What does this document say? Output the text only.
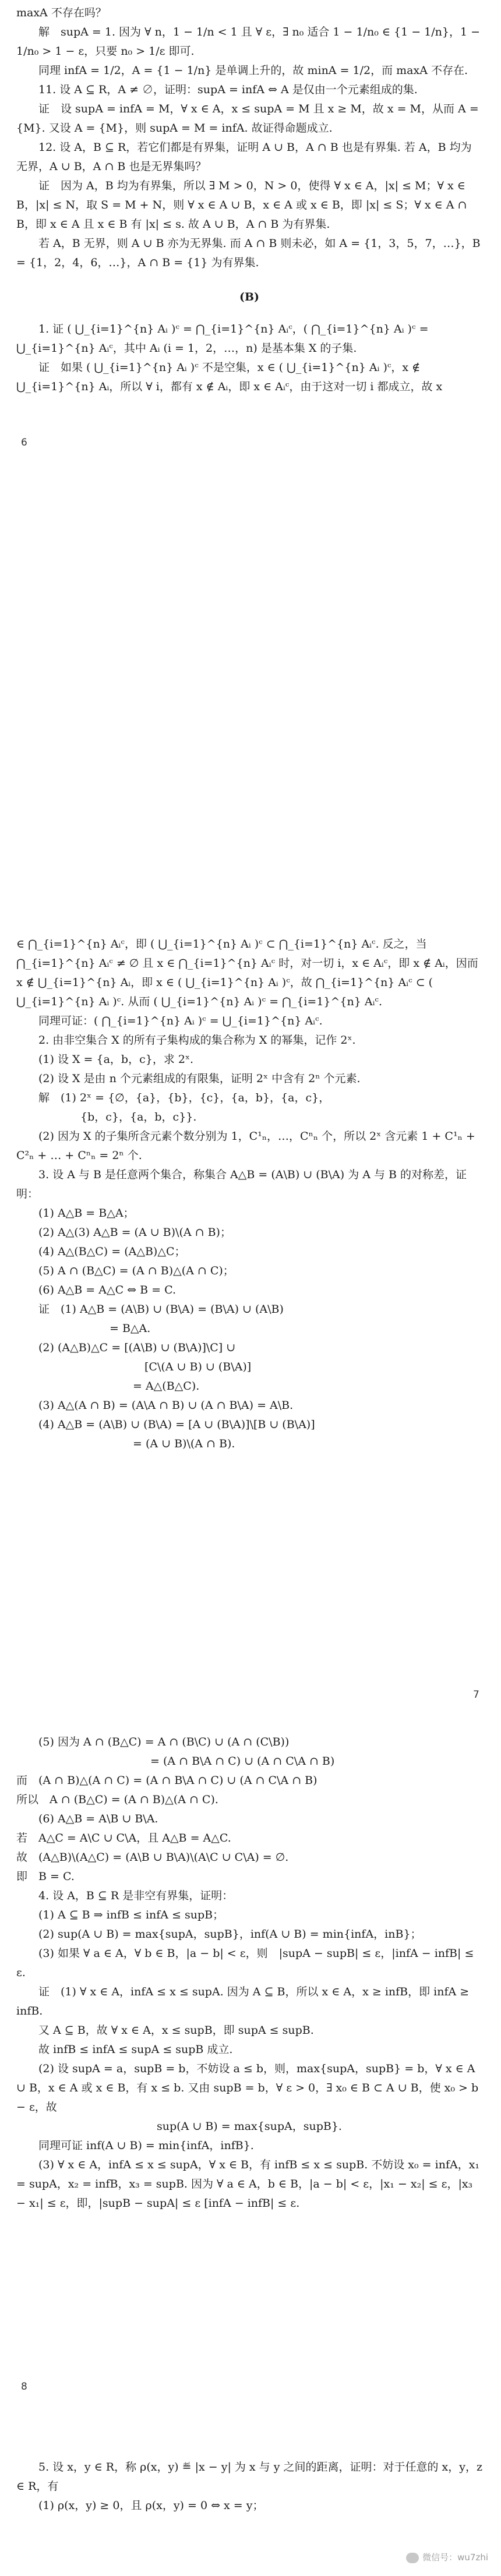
maxA 不存在吗？

解　supA = 1. 因为 ∀ n，1 − 1/n < 1 且 ∀ ε，∃ n₀ 适合 1 − 1/n₀ ∈ {1 − 1/n}，1 − 1/n₀ > 1 − ε，只要 n₀ > 1/ε 即可.

同理 infA = 1/2，A = {1 − 1/n} 是单调上升的，故 minA = 1/2，而 maxA 不存在.

11. 设 A ⊆ R，A ≠ ∅，证明：supA = infA ⇔ A 是仅由一个元素组成的集.

证　设 supA = infA = M，∀ x ∈ A，x ≤ supA = M 且 x ≥ M，故 x = M，从而 A = {M}. 又设 A = {M}，则 supA = M = infA. 故证得命题成立.

12. 设 A，B ⊆ R，若它们都是有界集，证明 A ∪ B，A ∩ B 也是有界集. 若 A，B 均为无界，A ∪ B，A ∩ B 也是无界集吗？

证　因为 A，B 均为有界集，所以 ∃ M > 0，N > 0，使得 ∀ x ∈ A，|x| ≤ M；∀ x ∈ B，|x| ≤ N，取 S = M + N，则 ∀ x ∈ A ∪ B，x ∈ A 或 x ∈ B，即 |x| ≤ S；∀ x ∈ A ∩ B，即 x ∈ A 且 x ∈ B 有 |x| ≤ s. 故 A ∪ B，A ∩ B 为有界集.

若 A，B 无界，则 A ∪ B 亦为无界集. 而 A ∩ B 则未必，如 A = {1，3，5，7，…}，B = {1，2，4，6，…}，A ∩ B = {1} 为有界集.

(B)

1. 证 ( ⋃_{i=1}^{n} Aᵢ )ᶜ = ⋂_{i=1}^{n} Aᵢᶜ，( ⋂_{i=1}^{n} Aᵢ )ᶜ = ⋃_{i=1}^{n} Aᵢᶜ，其中 Aᵢ (i = 1，2，…，n) 是基本集 X 的子集.

证　如果 ( ⋃_{i=1}^{n} Aᵢ )ᶜ 不是空集，x ∈ ( ⋃_{i=1}^{n} Aᵢ )ᶜ，x ∉ ⋃_{i=1}^{n} Aᵢ，所以 ∀ i，都有 x ∉ Aᵢ，即 x ∈ Aᵢᶜ，由于这对一切 i 都成立，故 x

6

∈ ⋂_{i=1}^{n} Aᵢᶜ，即 ( ⋃_{i=1}^{n} Aᵢ )ᶜ ⊂ ⋂_{i=1}^{n} Aᵢᶜ. 反之，当 ⋂_{i=1}^{n} Aᵢᶜ ≠ ∅ 且 x ∈ ⋂_{i=1}^{n} Aᵢᶜ 时，对一切 i，x ∈ Aᵢᶜ，即 x ∉ Aᵢ，因而 x ∉ ⋃_{i=1}^{n} Aᵢ，即 x ∈ ( ⋃_{i=1}^{n} Aᵢ )ᶜ，故 ⋂_{i=1}^{n} Aᵢᶜ ⊂ ( ⋃_{i=1}^{n} Aᵢ )ᶜ. 从而 ( ⋃_{i=1}^{n} Aᵢ )ᶜ = ⋂_{i=1}^{n} Aᵢᶜ.

同理可证：( ⋂_{i=1}^{n} Aᵢ )ᶜ = ⋃_{i=1}^{n} Aᵢᶜ.

2. 由非空集合 X 的所有子集构成的集合称为 X 的幂集，记作 2ˣ.

(1) 设 X = {a，b，c}，求 2ˣ.

(2) 设 X 是由 n 个元素组成的有限集，证明 2ˣ 中含有 2ⁿ 个元素.

解　(1) 2ˣ = {∅，{a}，{b}，{c}，{a，b}，{a，c}，

{b，c}，{a，b，c}}.

(2) 因为 X 的子集所含元素个数分别为 1，C¹ₙ，…，Cⁿₙ 个，所以 2ˣ 含元素 1 + C¹ₙ + C²ₙ + … + Cⁿₙ = 2ⁿ 个.

3. 设 A 与 B 是任意两个集合，称集合 A△B = (A\B) ∪ (B\A) 为 A 与 B 的对称差，证明：

(1) A△B = B△A；

(2) A△(3) A△B = (A ∪ B)\(A ∩ B)；

(4) A△(B△C) = (A△B)△C；

(5) A ∩ (B△C) = (A ∩ B)△(A ∩ C)；

(6) A△B = A△C ⇔ B = C.

证　(1) A△B = (A\B) ∪ (B\A) = (B\A) ∪ (A\B)

= B△A.

(2) (A△B)△C = [(A\B) ∪ (B\A)]\C] ∪

[C\(A ∪ B) ∪ (B\A)]

= A△(B△C).

(3) A△(A ∩ B) = (A\A ∩ B) ∪ (A ∩ B\A) = A\B.

(4) A△B = (A\B) ∪ (B\A) = [A ∪ (B\A)]\[B ∪ (B\A)]

= (A ∪ B)\(A ∩ B).

7

(5) 因为 A ∩ (B△C) = A ∩ (B\C) ∪ (A ∩ (C\B))

= (A ∩ B\A ∩ C) ∪ (A ∩ C\A ∩ B)

而　(A ∩ B)△(A ∩ C) = (A ∩ B\A ∩ C) ∪ (A ∩ C\A ∩ B)

所以　A ∩ (B△C) = (A ∩ B)△(A ∩ C).

(6) A△B = A\B ∪ B\A.

若　A△C = A\C ∪ C\A，且 A△B = A△C.

故　(A△B)\(A△C) = (A\B ∪ B\A)\(A\C ∪ C\A) = ∅.

即　B = C.

4. 设 A，B ⊆ R 是非空有界集，证明：

(1) A ⊆ B ⇒ infB ≤ infA ≤ supB；

(2) sup(A ∪ B) = max{supA，supB}，inf(A ∪ B) = min{infA，inB}；

(3) 如果 ∀ a ∈ A，∀ b ∈ B，|a − b| < ε，则　|supA − supB| ≤ ε，|infA − infB| ≤ ε.

证　(1) ∀ x ∈ A，infA ≤ x ≤ supA. 因为 A ⊆ B，所以 x ∈ A，x ≥ infB，即 infA ≥ infB.

又 A ⊆ B，故 ∀ x ∈ A，x ≤ supB，即 supA ≤ supB.

故 infB ≤ infA ≤ supA ≤ supB 成立.

(2) 设 supA = a，supB = b，不妨设 a ≤ b，则，max{supA，supB} = b，∀ x ∈ A ∪ B，x ∈ A 或 x ∈ B，有 x ≤ b. 又由 supB = b，∀ ε > 0，∃ x₀ ∈ B ⊂ A ∪ B，使 x₀ > b − ε，故

sup(A ∪ B) = max{supA，supB}.

同理可证 inf(A ∪ B) = min{infA，infB}.

(3) ∀ x ∈ A，infA ≤ x ≤ supA，∀ x ∈ B，有 infB ≤ x ≤ supB. 不妨设 x₀ = infA，x₁ = supA，x₂ = infB，x₃ = supB. 因为 ∀ a ∈ A，b ∈ B，|a − b| < ε，|x₁ − x₂| ≤ ε，|x₃ − x₁| ≤ ε，即，|supB − supA| ≤ ε [infA − infB| ≤ ε.

8

5. 设 x，y ∈ R，称 ρ(x，y) ≝ |x − y| 为 x 与 y 之间的距离，证明：对于任意的 x，y，z ∈ R，有

(1) ρ(x，y) ≥ 0，且 ρ(x，y) = 0 ⇔ x = y；

微信号：wu7zhi
